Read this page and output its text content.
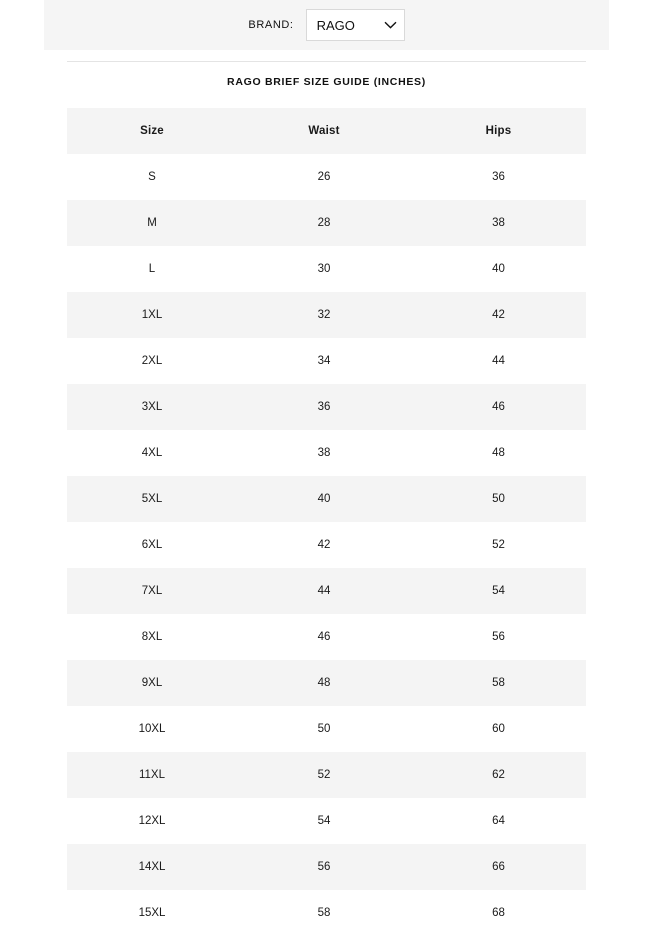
BRAND:	RAGO
RAGO BRIEF SIZE GUIDE (INCHES)
Size	Waist	Hips
S	26	36
M	28	38
L	30	40
1XL	32	42
2XL	34	44
3XL	36	46
4XL	38	48
5XL	40	50
6XL	42	52
7XL	44	54
8XL	46	56
9XL	48	58
10XL	50	60
11XL	52	62
12XL	54	64
14XL	56	66
15XL	58	68
